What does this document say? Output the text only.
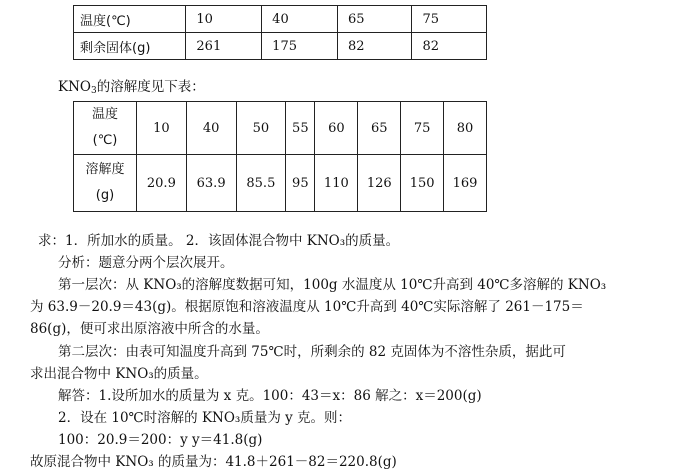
温度(℃)	10	40	65	75
剩余固体(g)	261	175	82	82
$KNO_3$的溶解度见下表：
温度
(℃)	10	40	50	55	60	65	75	80

溶解度
(g)	20.9	63.9	85.5	95	110	126	150	169
求：1．所加水的质量。 2．该固体混合物中 KNO₃的质量。
分析：题意分两个层次展开。
第一层次：从 KNO₃的溶解度数据可知，100g 水温度从 10℃升高到 40℃多溶解的 KNO₃
为 63.9－20.9＝43(g)。根据原饱和溶液温度从 10℃升高到 40℃实际溶解了 261－175＝
86(g)，便可求出原溶液中所含的水量。
第二层次：由表可知温度升高到 75℃时，所剩余的 82 克固体为不溶性杂质，据此可
求出混合物中 KNO₃的质量。
解答：1.设所加水的质量为 x 克。100：43＝x：86 解之：x＝200(g)
2．设在 10℃时溶解的 KNO₃质量为 y 克。则：
100：20.9＝200：y y＝41.8(g)
故原混合物中 KNO₃ 的质量为：41.8＋261－82＝220.8(g)
